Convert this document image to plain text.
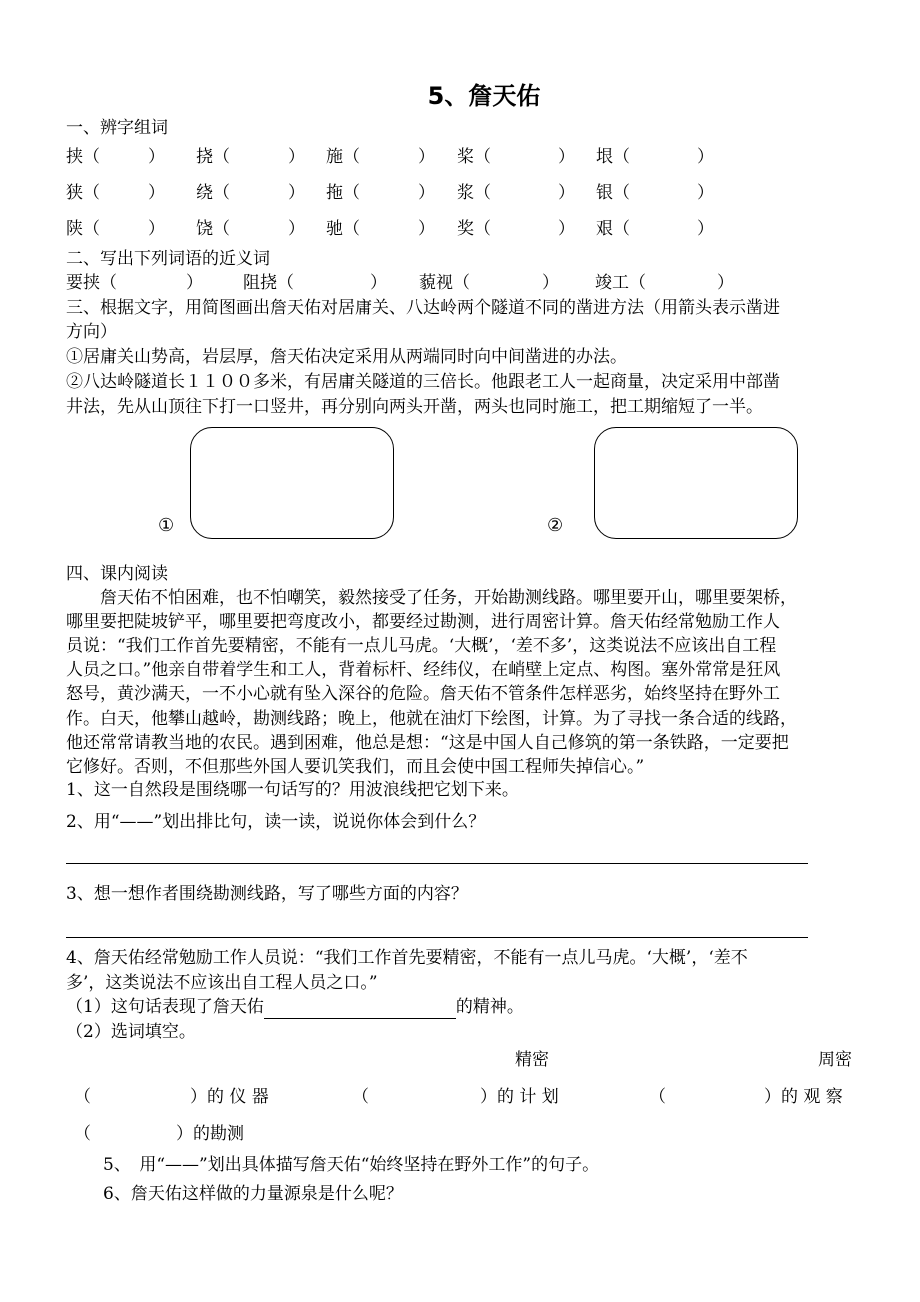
5、詹天佑
一、辨字组词
挟（	） 挠（	） 施（	） 桨（	） 垠（	）
狭（	） 绕（	） 拖（	） 浆（	） 银（	）
陕（	） 饶（	） 驰（	） 奖（	） 艰（	）
二、写出下列词语的近义词
要挟（	） 阻挠（	） 藐视（	） 竣工（	）
三、根据文字，用简图画出詹天佑对居庸关、八达岭两个隧道不同的凿进方法（用箭头表示凿进
方向）
①居庸关山势高，岩层厚，詹天佑决定采用从两端同时向中间凿进的办法。
②八达岭隧道长１１００多米，有居庸关隧道的三倍长。他跟老工人一起商量，决定采用中部凿
井法，先从山顶往下打一口竖井，再分别向两头开凿，两头也同时施工，把工期缩短了一半。
①	②
四、课内阅读
　　詹天佑不怕困难，也不怕嘲笑，毅然接受了任务，开始勘测线路。哪里要开山，哪里要架桥，
哪里要把陡坡铲平，哪里要把弯度改小，都要经过勘测，进行周密计算。詹天佑经常勉励工作人
员说：“我们工作首先要精密，不能有一点儿马虎。‘大概’，‘差不多’，这类说法不应该出自工程
人员之口。”他亲自带着学生和工人，背着标杆、经纬仪，在峭壁上定点、构图。塞外常常是狂风
怒号，黄沙满天，一不小心就有坠入深谷的危险。詹天佑不管条件怎样恶劣，始终坚持在野外工
作。白天，他攀山越岭，勘测线路；晚上，他就在油灯下绘图，计算。为了寻找一条合适的线路，
他还常常请教当地的农民。遇到困难，他总是想：“这是中国人自己修筑的第一条铁路，一定要把
它修好。否则，不但那些外国人要讥笑我们，而且会使中国工程师失掉信心。”
1、这一自然段是围绕哪一句话写的？用波浪线把它划下来。
2、用“——”划出排比句，读一读，说说你体会到什么？
3、想一想作者围绕勘测线路，写了哪些方面的内容？
4、詹天佑经常勉励工作人员说：“我们工作首先要精密，不能有一点儿马虎。‘大概’，‘差不
多’，这类说法不应该出自工程人员之口。”
（1）这句话表现了詹天佑	的精神。
（2）选词填空。
精密	周密
（	）的 仪 器	（	）的 计 划	（	）的 观 察
（	）的勘测
5、　用“——”划出具体描写詹天佑“始终坚持在野外工作”的句子。
6、詹天佑这样做的力量源泉是什么呢？
